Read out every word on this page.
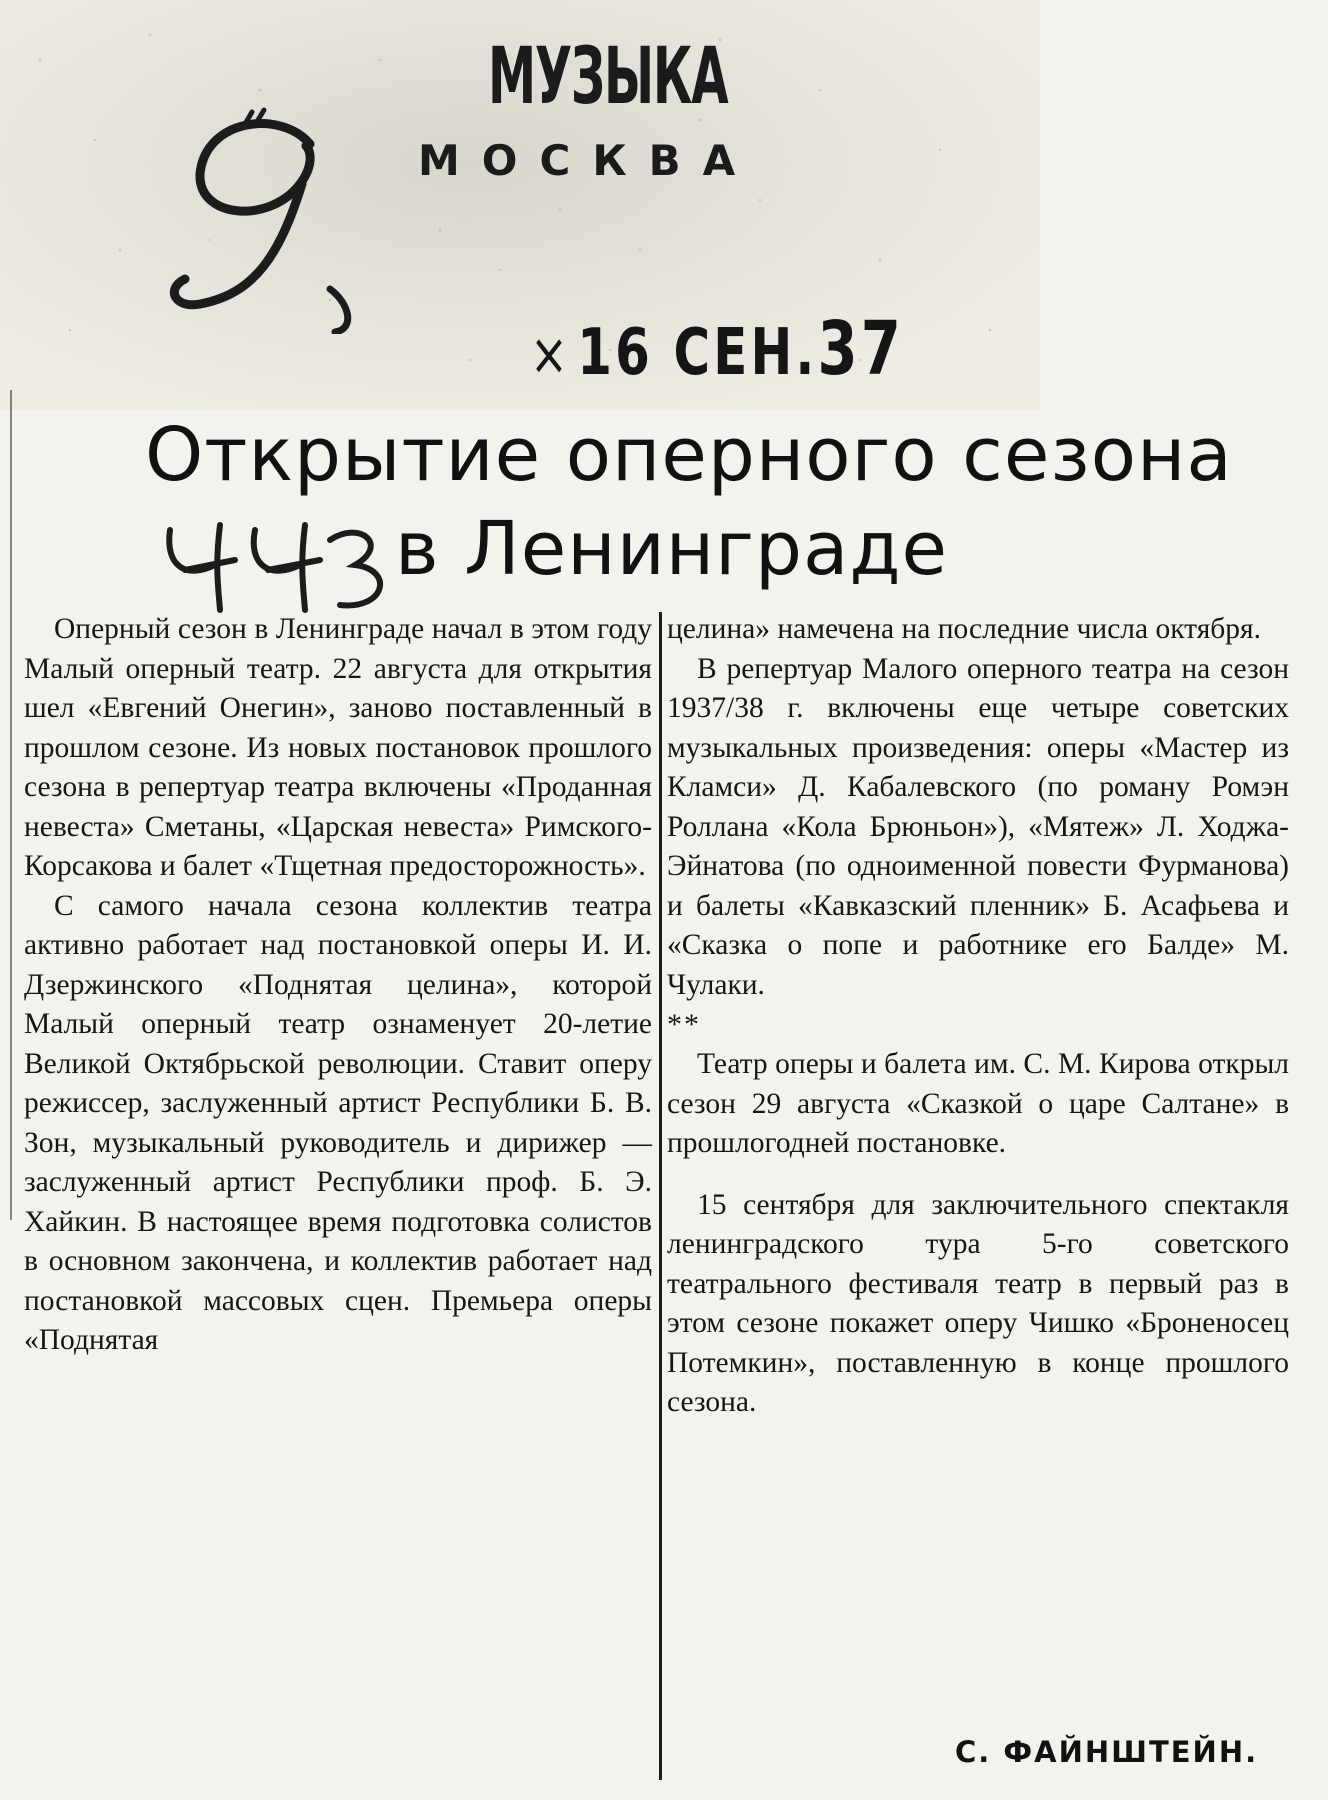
МУЗЫКА
МОСКВА
×16 СЕН.37
Открытие оперного сезона
в Ленинграде

Оперный сезон в Ленинграде начал в этом году Малый оперный театр. 22 августа для открытия шел «Евгений Онегин», заново поставленный в прошлом сезоне. Из новых постановок прошлого сезона в репертуар театра включены «Проданная невеста» Сметаны, «Царская невеста» Римского-Корсакова и балет «Тщетная предосторожность».

С самого начала сезона коллектив театра активно работает над постановкой оперы И. И. Дзержинского «Поднятая целина», которой Малый оперный театр ознаменует 20-летие Великой Октябрьской революции. Ставит оперу режиссер, заслуженный артист Республики Б. В. Зон, музыкальный руководитель и дирижер — заслуженный артист Республики проф. Б. Э. Хайкин. В настоящее время подготовка солистов в основном закончена, и коллектив работает над постановкой массовых сцен. Премьера оперы «Поднятая

целина» намечена на последние числа октября.

В репертуар Малого оперного театра на сезон 1937/38 г. включены еще четыре советских музыкальных произведения: оперы «Мастер из Кламси» Д. Кабалевского (по роману Ромэн Роллана «Кола Брюньон»), «Мятеж» Л. Ходжа-Эйнатова (по одноименной повести Фурманова) и балеты «Кавказский пленник» Б. Асафьева и «Сказка о попе и работнике его Балде» М. Чулаки.

**

Театр оперы и балета им. С. М. Кирова открыл сезон 29 августа «Сказкой о царе Салтане» в прошлогодней постановке.

15 сентября для заключительного спектакля ленинградского тура 5-го советского театрального фестиваля театр в первый раз в этом сезоне покажет оперу Чишко «Броненосец Потемкин», поставленную в конце прошлого сезона.

С. ФАЙНШТЕЙН.
